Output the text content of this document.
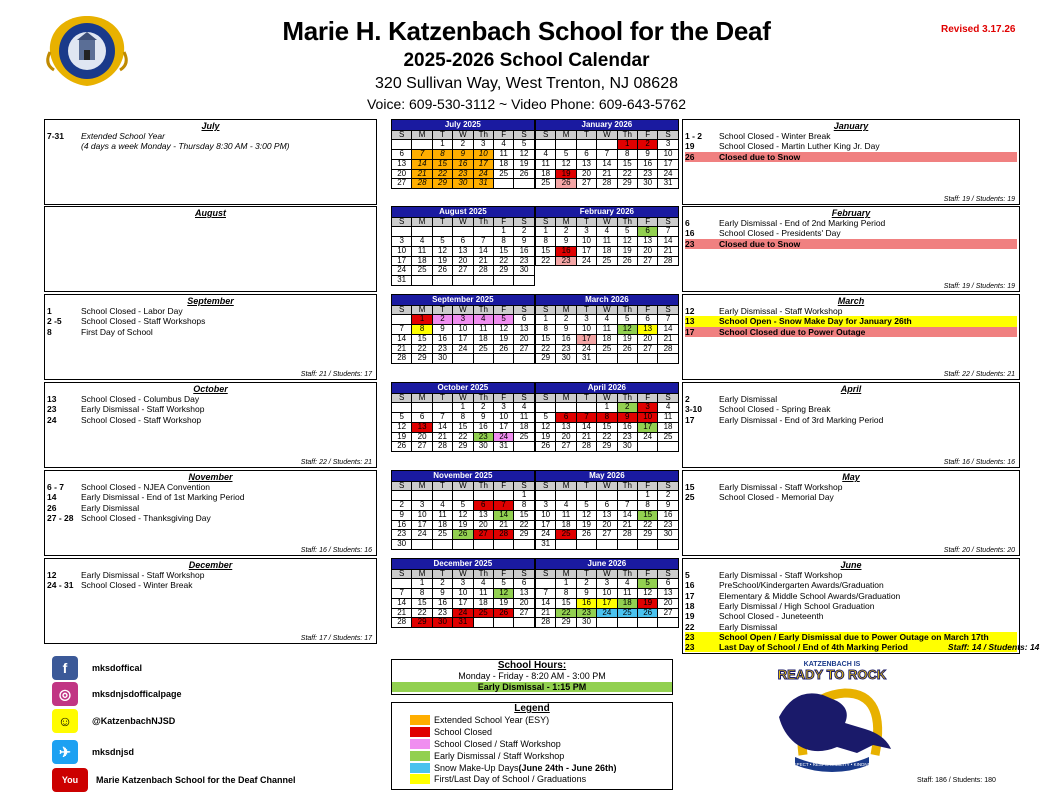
Marie H. Katzenbach School for the Deaf
2025-2026 School Calendar
320 Sullivan Way, West Trenton, NJ 08628
Voice: 609-530-3112 ~ Video Phone: 609-643-5762
Revised 3.17.26
July
7-31	Extended School Year
(4 days a week Monday - Thursday 8:30 AM - 3:00 PM)
August
September
1	School Closed - Labor Day
2 -5	School Closed - Staff Workshops
8	First Day of School
Staff: 21 / Students: 17
October
13	School Closed - Columbus Day
23	Early Dismissal - Staff Workshop
24	School Closed - Staff Workshop
Staff: 22 / Students: 21
November
6 - 7	School Closed - NJEA Convention
14	Early Dismissal - End of 1st Marking Period
26	Early Dismissal
27 - 28 School Closed - Thanksgiving Day
Staff: 16 / Students: 16
December
12	Early Dismissal - Staff Workshop
24 - 31 School Closed - Winter Break
Staff: 17 / Students: 17
January
1 - 2	School Closed - Winter Break
19	School Closed - Martin Luther King Jr. Day
26	Closed due to Snow
Staff: 19 / Students: 19
February
6	Early Dismissal - End of 2nd Marking Period
16	School Closed - Presidents' Day
23	Closed due to Snow
Staff: 19 / Students: 19
March
12	Early Dismissal - Staff Workshop
13	School Open - Snow Make Day for January 26th
17	School Closed due to Power Outage
Staff: 22 / Students: 21
April
2	Early Dismissal
3-10	School Closed - Spring Break
17	Early Dismissal - End of 3rd Marking Period
Staff: 16 / Students: 16
May
15	Early Dismissal - Staff Workshop
25	School Closed - Memorial Day
Staff: 20 / Students: 20
June
5	Early Dismissal - Staff Workshop
16	PreSchool/Kindergarten Awards/Graduation
17	Elementary & Middle School Awards/Graduation
18	Early Dismissal / High School Graduation
19	School Closed - Juneteenth
22	Early Dismissal
23	School Open / Early Dismissal due to Power Outage on March 17th
23	Last Day of School / End of 4th Marking Period	Staff: 14 / Students: 14
July 2025						
S	M	T	W	Th	F	S
		1	2	3	4	5
6	7	8	9	10	11	12
13	14	15	16	17	18	19
20	21	22	23	24	25	26
27	28	29	30	31		
January 2026						
S	M	T	W	Th	F	S
				1	2	3
4	5	6	7	8	9	10
11	12	13	14	15	16	17
18	19	20	21	22	23	24
25	26	27	28	29	30	31
August 2025						
S	M	T	W	Th	F	S
					1	2
3	4	5	6	7	8	9
10	11	12	13	14	15	16
17	18	19	20	21	22	23
24	25	26	27	28	29	30
31						
February 2026						
S	M	T	W	Th	F	S
1	2	3	4	5	6	7
8	9	10	11	12	13	14
15	16	17	18	19	20	21
22	23	24	25	26	27	28
September 2025						
S	M	T	W	Th	F	S
	1	2	3	4	5	6
7	8	9	10	11	12	13
14	15	16	17	18	19	20
21	22	23	24	25	26	27
28	29	30				
March 2026						
S	M	T	W	Th	F	S
1	2	3	4	5	6	7
8	9	10	11	12	13	14
15	16	17	18	19	20	21
22	23	24	25	26	27	28
29	30	31				
October 2025						
S	M	T	W	Th	F	S
			1	2	3	4
5	6	7	8	9	10	11
12	13	14	15	16	17	18
19	20	21	22	23	24	25
26	27	28	29	30	31	
April 2026						
S	M	T	W	Th	F	S
			1	2	3	4
5	6	7	8	9	10	11
12	13	14	15	16	17	18
19	20	21	22	23	24	25
26	27	28	29	30		
November 2025						
S	M	T	W	Th	F	S
						1
2	3	4	5	6	7	8
9	10	11	12	13	14	15
16	17	18	19	20	21	22
23	24	25	26	27	28	29
30						
May 2026						
S	M	T	W	Th	F	S
					1	2
3	4	5	6	7	8	9
10	11	12	13	14	15	16
17	18	19	20	21	22	23
24	25	26	27	28	29	30
31						
December 2025						
S	M	T	W	Th	F	S
	1	2	3	4	5	6
7	8	9	10	11	12	13
14	15	16	17	18	19	20
21	22	23	24	25	26	27
28	29	30	31			
June 2026						
S	M	T	W	Th	F	S
	1	2	3	4	5	6
7	8	9	10	11	12	13
14	15	16	17	18	19	20
21	22	23	24	25	26	27
28	29	30				
School Hours:
Monday - Friday - 8:20 AM - 3:00 PM
Early Dismissal - 1:15 PM
Legend
Extended School Year (ESY)
School Closed
School Closed / Staff Workshop
Early Dismissal / Staff Workshop
Snow Make-Up Days (June 24th - June 26th)
First/Last Day of School / Graduations
f	mksdoffical
◎	mksdnjsdofficalpage
☺	@KatzenbachNJSD
✈	mksdnjsd
You	Marie Katzenbach School for the Deaf Channel
KATZENBACH IS
READY TO ROCK
RESPECT • RESPONSIBILITY • KINDNESS
Staff: 186 / Students: 180
